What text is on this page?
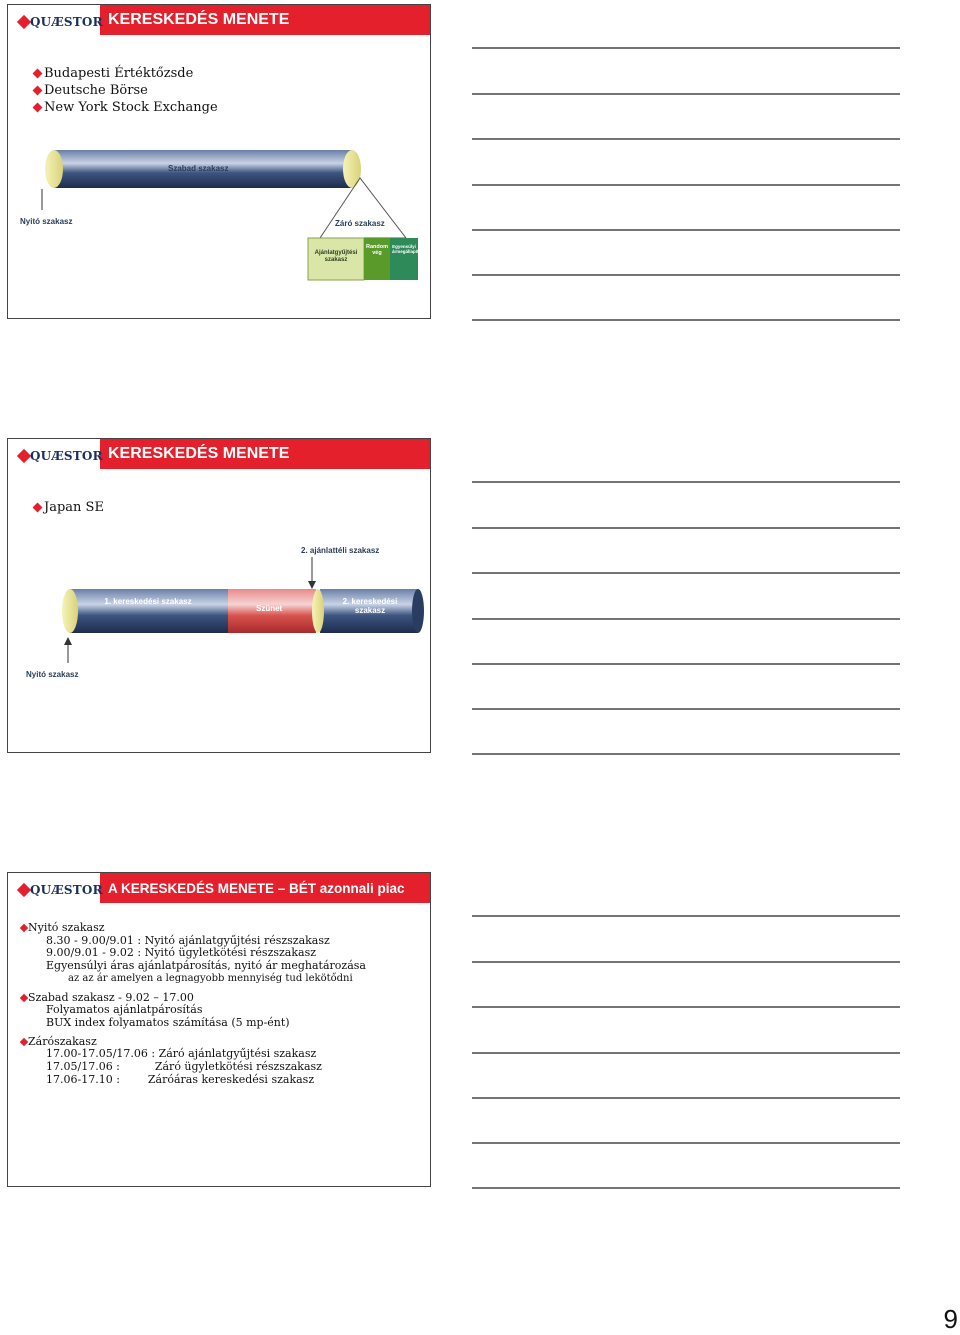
QUÆSTOR KERESKEDÉS MENETE
Budapesti Értéktőzsde
Deutsche Börse
New York Stock Exchange
Szabad szakasz
Nyitó szakasz	Záró szakasz
Ajánlatgyűjtési szakasz
Random vég
Egyensúlyi ármegállapítás
QUÆSTOR KERESKEDÉS MENETE
Japan SE
2. ajánlattéli szakasz
1. kereskedési szakasz
Szünet
2. kereskedési szakasz
Nyitó szakasz
QUÆSTOR A KERESKEDÉS MENETE – BÉT azonnali piac
Nyitó szakasz
8.30 - 9.00/9.01 : Nyitó ajánlatgyűjtési részszakasz
9.00/9.01 - 9.02 : Nyitó ügyletkötési részszakasz
Egyensúlyi áras ajánlatpárosítás, nyitó ár meghatározása
az az ár amelyen a legnagyobb mennyiség tud lekötődni
Szabad szakasz - 9.02 – 17.00
Folyamatos ajánlatpárosítás
BUX index folyamatos számítása (5 mp-ént)
Zárószakasz
17.00-17.05/17.06 : Záró ajánlatgyűjtési szakasz
17.05/17.06 :          Záró ügyletkötési részszakasz
17.06-17.10 :        Záróáras kereskedési szakasz
9
